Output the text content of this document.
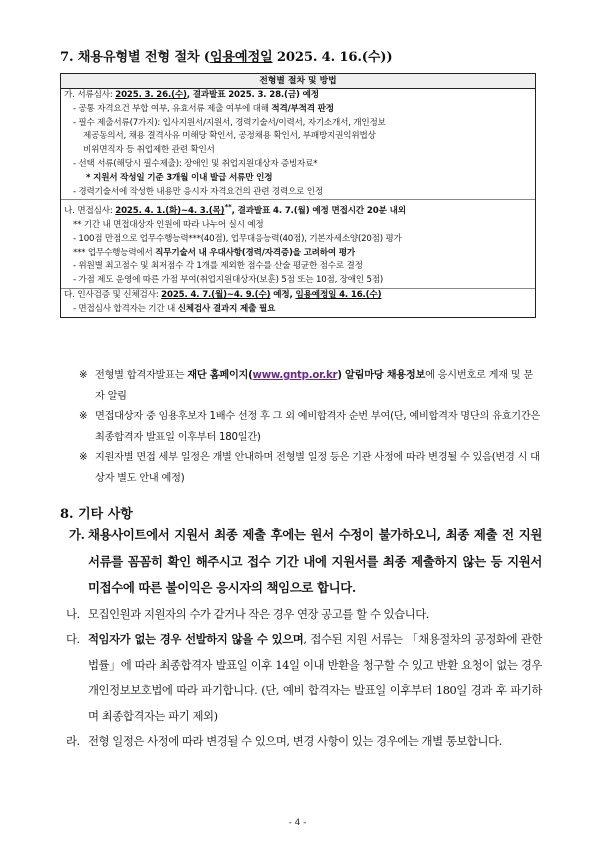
7. 채용유형별 전형 절차 (임용예정일 2025. 4. 16.(수))
전형별 절차 및 방법
가. 서류심사: 2025. 3. 26.(수), 결과발표 2025. 3. 28.(금) 예정
- 공통 자격요건 부합 여부, 유효서류 제출 여부에 대해 적격/부적격 판정
- 필수 제출서류(7가지): 입사지원서/지원서, 경력기술서/이력서, 자기소개서, 개인정보
제공동의서, 채용 결격사유 미해당 확인서, 공정채용 확인서, 부패방지권익위법상
비위면직자 등 취업제한 관련 확인서
- 선택 서류(해당시 필수제출): 장애인 및 취업지원대상자 증빙자료*
* 지원서 작성일 기준 3개월 이내 발급 서류만 인정
- 경력기술서에 작성한 내용만 응시자 자격요건의 관련 경력으로 인정
나. 면접심사: 2025. 4. 1.(화)~4. 3.(목)**, 결과발표 4. 7.(월) 예정 면접시간 20분 내외
** 기간 내 면접대상자 인원에 따라 나누어 실시 예정
- 100점 만점으로 업무수행능력***(40점), 업무대응능력(40점), 기본자세소양(20점) 평가
*** 업무수행능력에서 직무기술서 내 우대사항(경력/자격증)을 고려하여 평가
- 위원별 최고점수 및 최저점수 각 1개를 제외한 점수를 산술 평균한 점수로 결정
- 가점 제도 운영에 따른 가점 부여(취업지원대상자(보훈) 5점 또는 10점, 장애인 5점)
다. 인사검증 및 신체검사: 2025. 4. 7.(월)~4. 9.(수) 예정, 임용예정일 4. 16.(수)
- 면접심사 합격자는 기간 내 신체검사 결과지 제출 필요
※ 전형별 합격자발표는 재단 홈페이지(www.gntp.or.kr) 알림마당 채용정보에 응시번호로 게재 및 문자 알림
※ 면접대상자 중 임용후보자 1배수 선정 후 그 외 예비합격자 순번 부여(단, 예비합격자 명단의 유효기간은 최종합격자 발표일 이후부터 180일간)
※ 지원자별 면접 세부 일정은 개별 안내하며 전형별 일정 등은 기관 사정에 따라 변경될 수 있음(변경 시 대상자 별도 안내 예정)
8. 기타 사항
가. 채용사이트에서 지원서 최종 제출 후에는 원서 수정이 불가하오니, 최종 제출 전 지원 서류를 꼼꼼히 확인 해주시고 접수 기간 내에 지원서를 최종 제출하지 않는 등 지원서 미접수에 따른 불이익은 응시자의 책임으로 합니다.
나. 모집인원과 지원자의 수가 같거나 작은 경우 연장 공고를 할 수 있습니다.
다. 적임자가 없는 경우 선발하지 않을 수 있으며, 접수된 지원 서류는 「채용절차의 공정화에 관한 법률」에 따라 최종합격자 발표일 이후 14일 이내 반환을 청구할 수 있고 반환 요청이 없는 경우 개인정보보호법에 따라 파기합니다. (단, 예비 합격자는 발표일 이후부터 180일 경과 후 파기하며 최종합격자는 파기 제외)
라. 전형 일정은 사정에 따라 변경될 수 있으며, 변경 사항이 있는 경우에는 개별 통보합니다.
- 4 -
